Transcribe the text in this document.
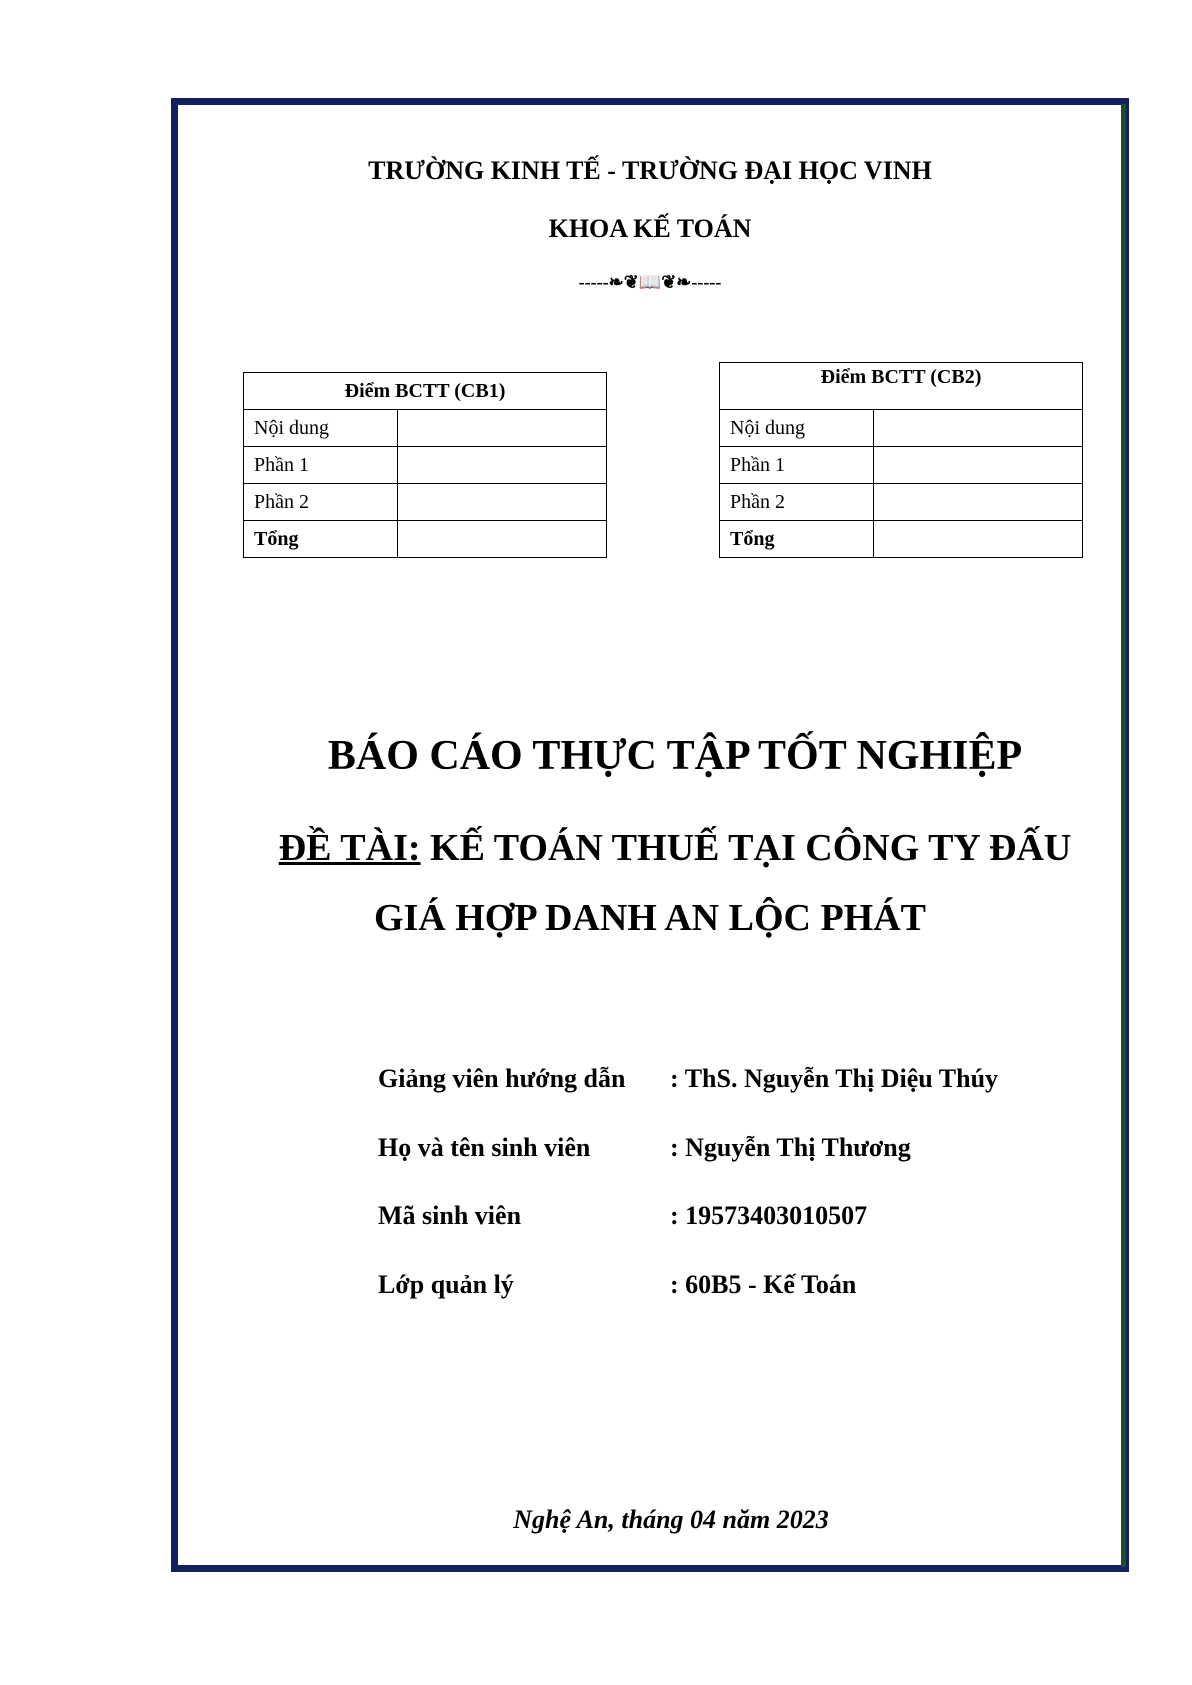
TRƯỜNG KINH TẾ - TRƯỜNG ĐẠI HỌC VINH
KHOA KẾ TOÁN
-----❧❦📖❦❧-----
Điểm BCTT (CB1)	
Nội dung	
Phần 1	
Phần 2	
Tổng	
Điểm BCTT (CB2)	
Nội dung	
Phần 1	
Phần 2	
Tổng	
BÁO CÁO THỰC TẬP TỐT NGHIỆP
ĐỀ TÀI: KẾ TOÁN THUẾ TẠI CÔNG TY ĐẤU
GIÁ HỢP DANH AN LỘC PHÁT
Giảng viên hướng dẫn : ThS. Nguyễn Thị Diệu Thúy
Họ và tên sinh viên	: Nguyễn Thị Thương
Mã sinh viên	: 19573403010507
Lớp quản lý	: 60B5 - Kế Toán
Nghệ An, tháng 04 năm 2023
